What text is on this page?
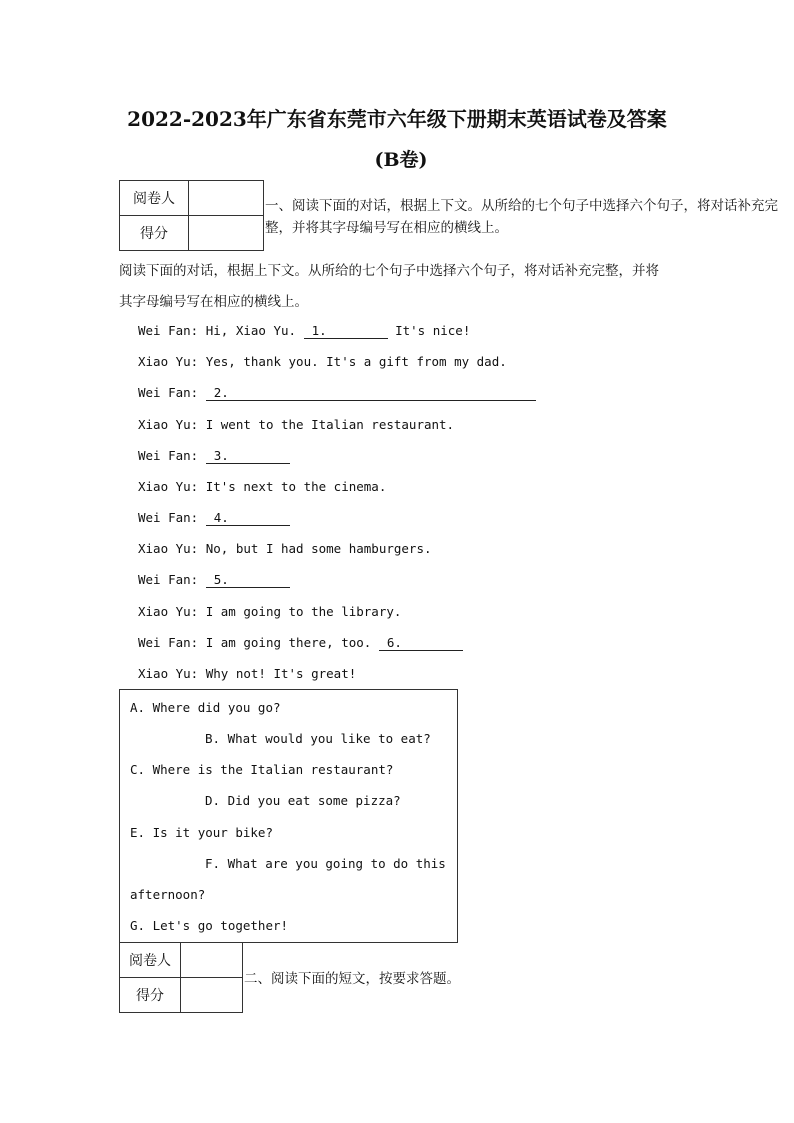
2022-2023年广东省东莞市六年级下册期末英语试卷及答案
(B卷)
阅卷人	
得分	
一、阅读下面的对话，根据上下文。从所给的七个句子中选择六个句子，将对话补充完整，并将其字母编号写在相应的横线上。

阅读下面的对话，根据上下文。从所给的七个句子中选择六个句子，将对话补充完整，并将

其字母编号写在相应的横线上。

Wei Fan: Hi, Xiao Yu. 1.	It's nice!

Xiao Yu: Yes, thank you. It's a gift from my dad.

Wei Fan: 2.

Xiao Yu: I went to the Italian restaurant.

Wei Fan: 3.

Xiao Yu: It's next to the cinema.

Wei Fan: 4.

Xiao Yu: No, but I had some hamburgers.

Wei Fan: 5.

Xiao Yu: I am going to the library.

Wei Fan: I am going there, too. 6.

Xiao Yu: Why not! It's great!

A. Where did you go?

B. What would you like to eat?

C. Where is the Italian restaurant?

D. Did you eat some pizza?

E. Is it your bike?

F. What are you going to do this

afternoon?

G. Let's go together!

阅卷人	
得分	
二、阅读下面的短文，按要求答题。
